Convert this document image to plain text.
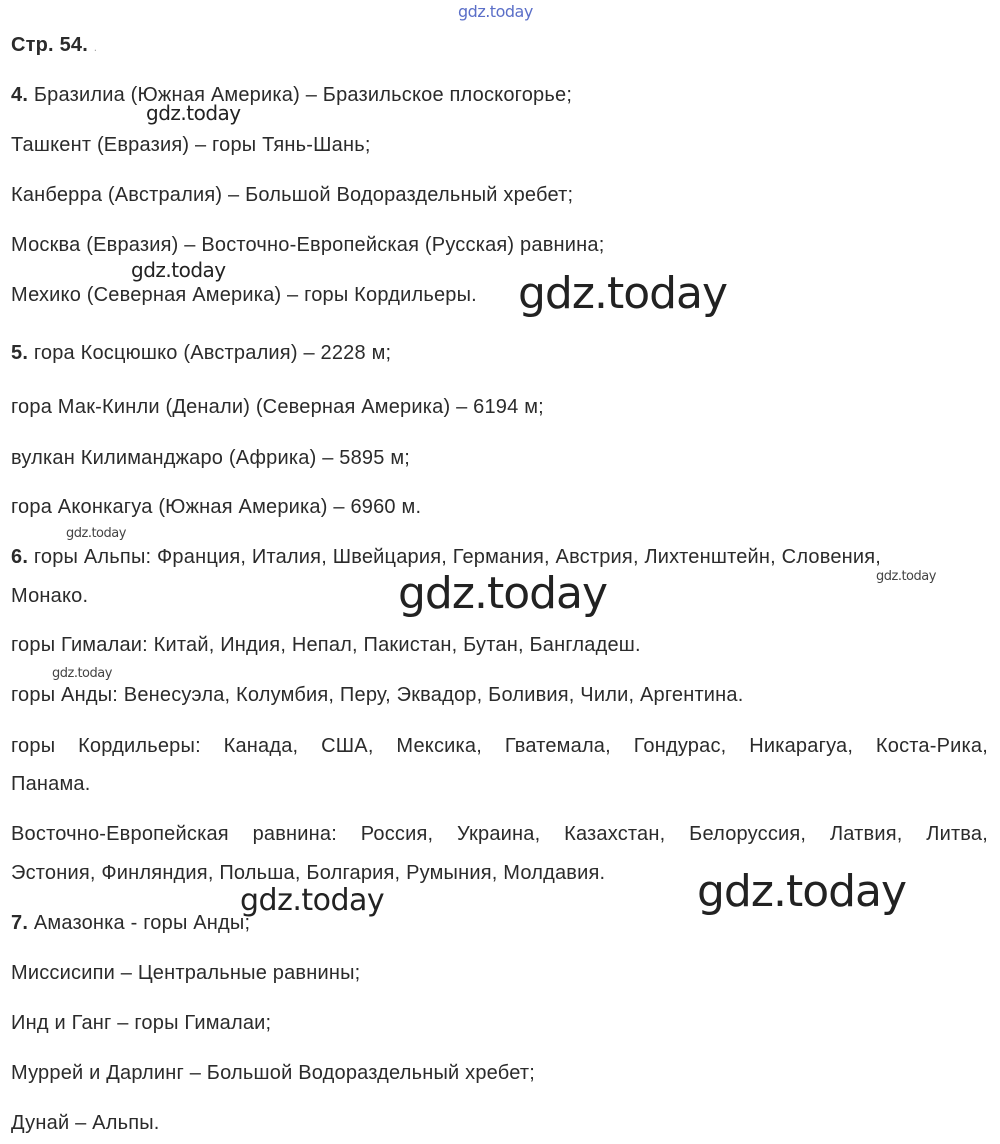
gdz.today
gdz.today
gdz.today	gdz.today
gdz.today
gdz.today
gdz.today
gdz.today
gdz.today
gdz.today
Стр. 54. .
4. Бразилиа (Южная Америка) – Бразильское плоскогорье;
Ташкент (Евразия) – горы Тянь-Шань;
Канберра (Австралия) – Большой Водораздельный хребет;
Москва (Евразия) – Восточно-Европейская (Русская) равнина;
Мехико (Северная Америка) – горы Кордильеры.
5. гора Косцюшко (Австралия) – 2228 м;
гора Мак-Кинли (Денали) (Северная Америка) – 6194 м;
вулкан Килиманджаро (Африка) – 5895 м;
гора Аконкагуа (Южная Америка) – 6960 м.
6. горы Альпы: Франция, Италия, Швейцария, Германия, Австрия, Лихтенштейн, Словения,
Монако.
горы Гималаи: Китай, Индия, Непал, Пакистан, Бутан, Бангладеш.
горы Анды: Венесуэла, Колумбия, Перу, Эквадор, Боливия, Чили, Аргентина.
горы Кордильеры: Канада, США, Мексика, Гватемала, Гондурас, Никарагуа, Коста-Рика,
Панама.
Восточно-Европейская равнина: Россия, Украина, Казахстан, Белоруссия, Латвия, Литва,
Эстония, Финляндия, Польша, Болгария, Румыния, Молдавия.
7. Амазонка - горы Анды;
Миссисипи – Центральные равнины;
Инд и Ганг – горы Гималаи;
Муррей и Дарлинг – Большой Водораздельный хребет;
Дунай – Альпы.
